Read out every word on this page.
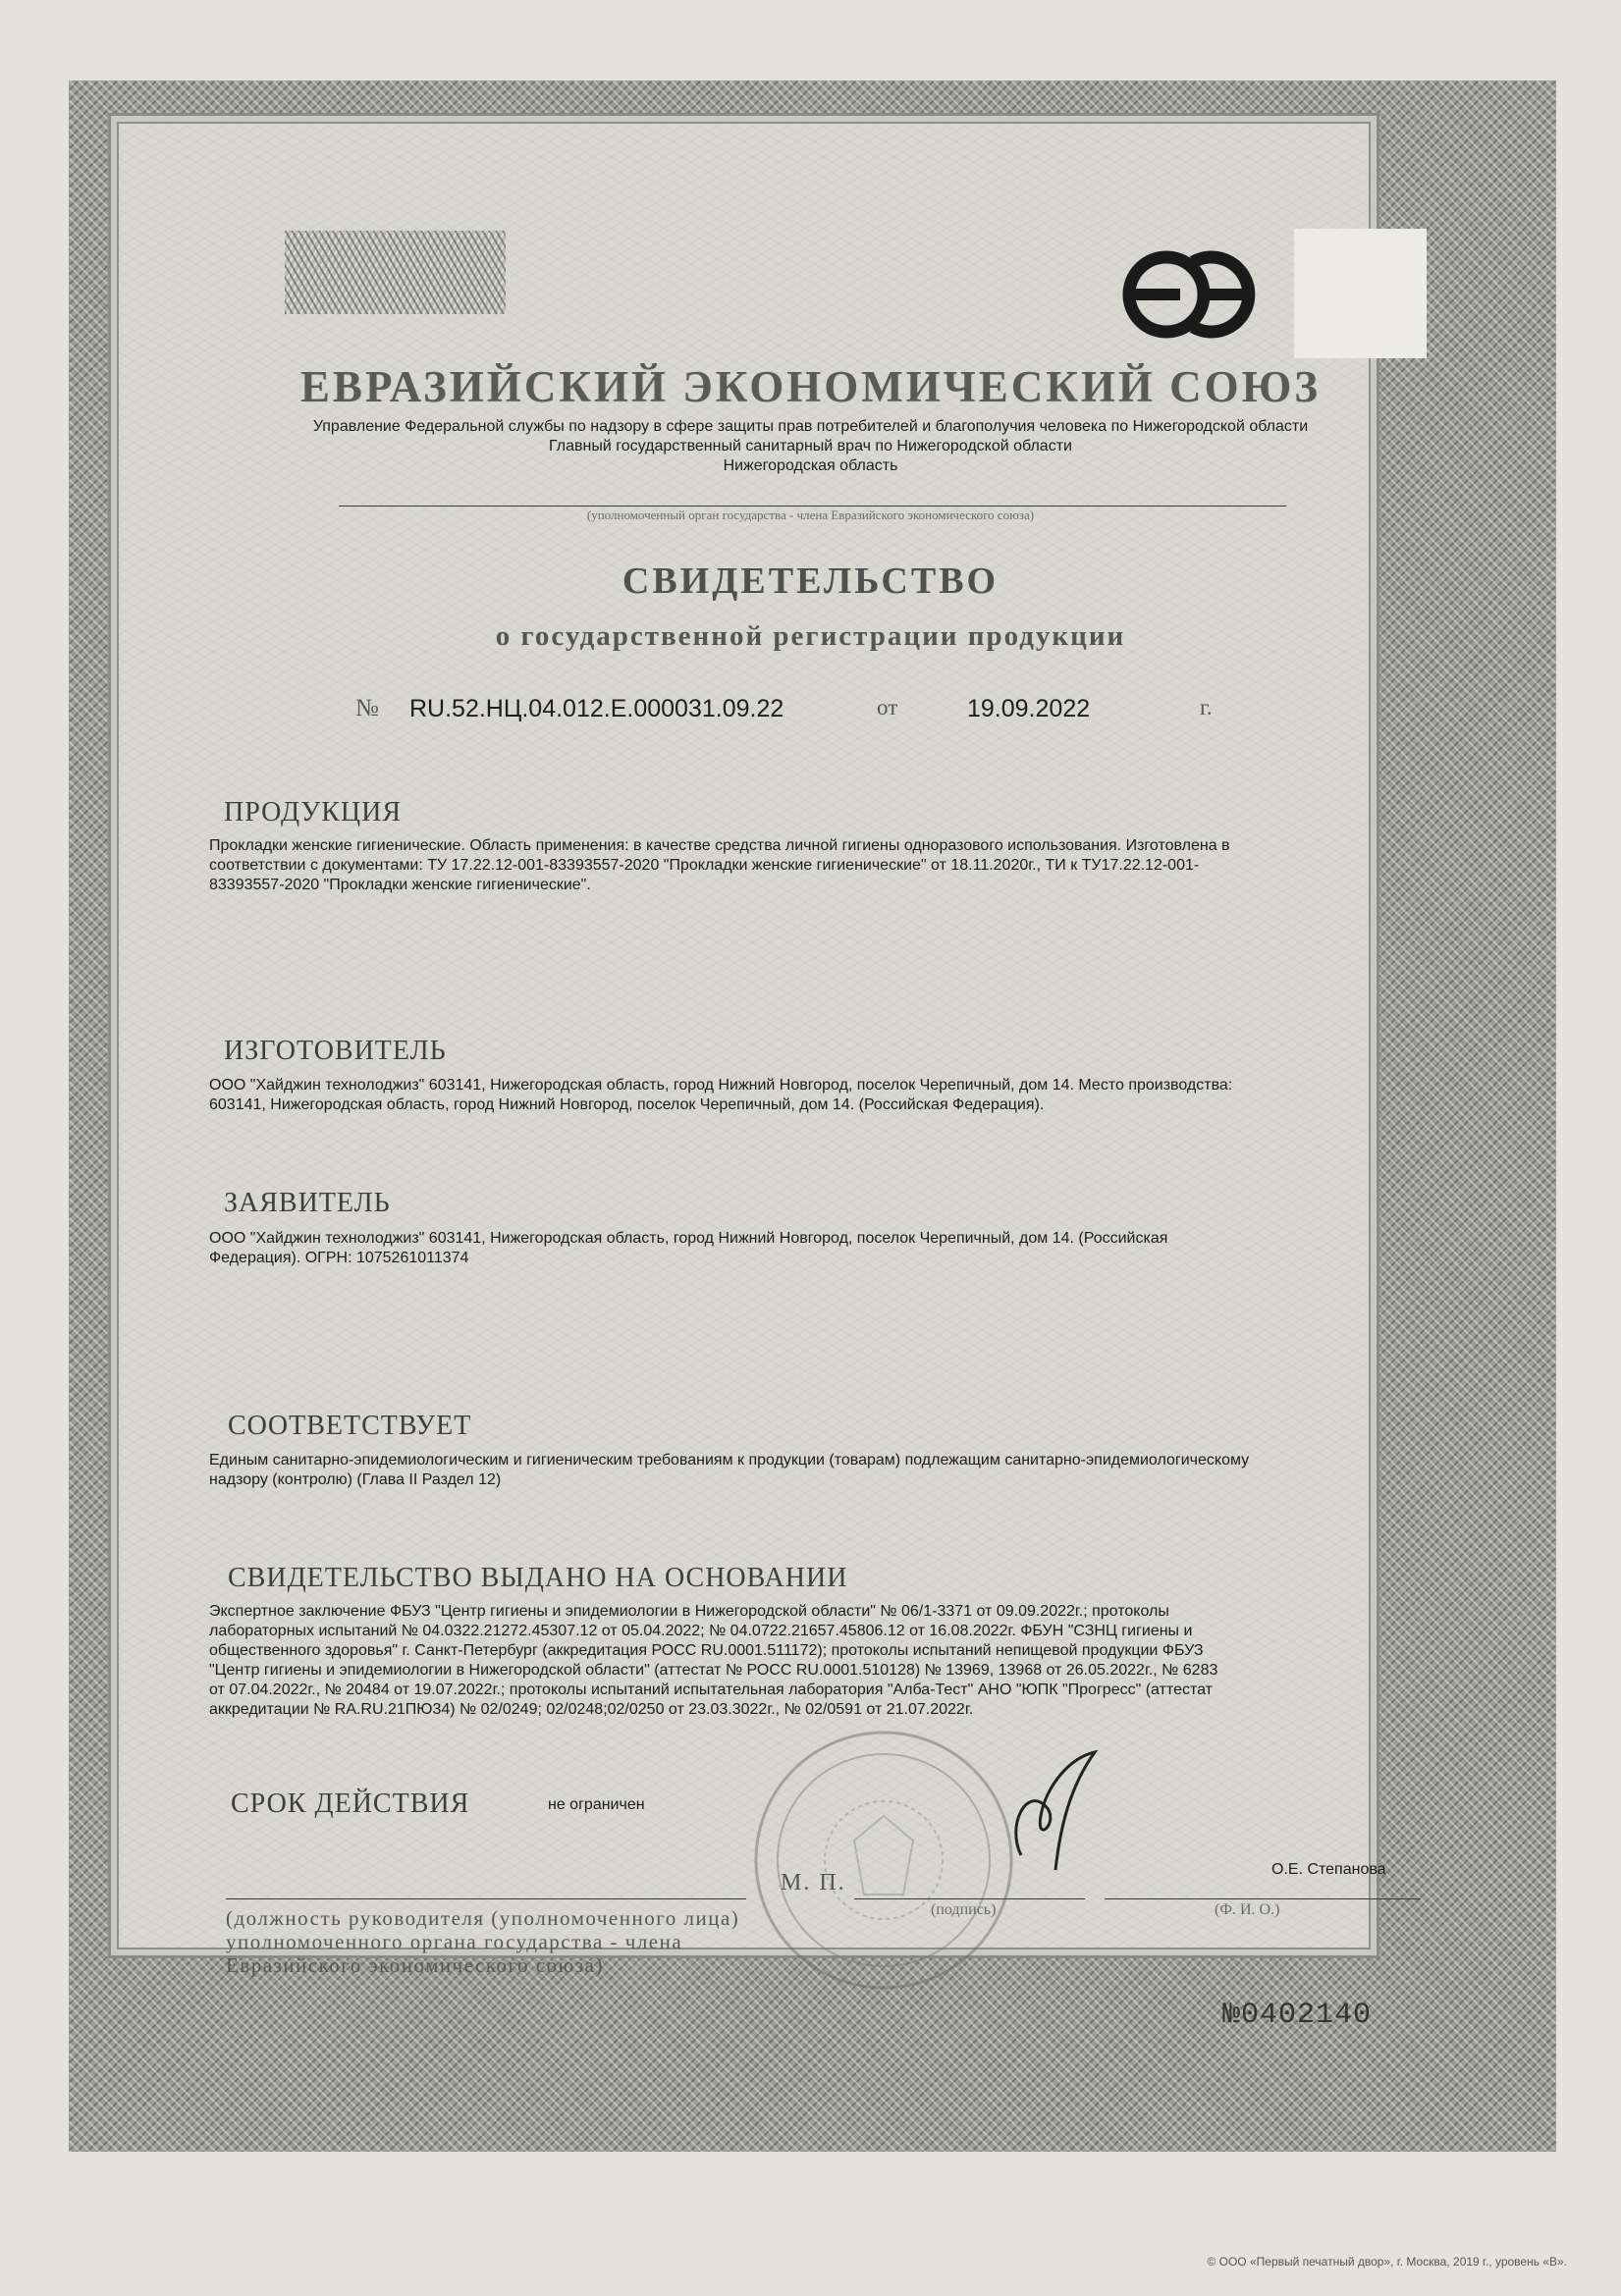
ЕВРАЗИЙСКИЙ ЭКОНОМИЧЕСКИЙ СОЮЗ
Управление Федеральной службы по надзору в сфере защиты прав потребителей и благополучия человека по Нижегородской области
Главный государственный санитарный врач по Нижегородской области
Нижегородская область
(уполномоченный орган государства - члена Евразийского экономического союза)
СВИДЕТЕЛЬСТВО
о государственной регистрации продукции
№ RU.52.НЦ.04.012.Е.000031.09.22	от	19.09.2022	г.
ПРОДУКЦИЯ
Прокладки женские гигиенические. Область применения: в качестве средства личной гигиены одноразового использования. Изготовлена в
соответствии с документами: ТУ 17.22.12-001-83393557-2020 "Прокладки женские гигиенические" от 18.11.2020г., ТИ к ТУ17.22.12-001-
83393557-2020 "Прокладки женские гигиенические".
ИЗГОТОВИТЕЛЬ
ООО "Хайджин технолоджиз" 603141, Нижегородская область, город Нижний Новгород, поселок Черепичный, дом 14. Место производства:
603141, Нижегородская область, город Нижний Новгород, поселок Черепичный, дом 14. (Российская Федерация).
ЗАЯВИТЕЛЬ
ООО "Хайджин технолоджиз" 603141, Нижегородская область, город Нижний Новгород, поселок Черепичный, дом 14. (Российская
Федерация). ОГРН: 1075261011374
СООТВЕТСТВУЕТ
Единым санитарно-эпидемиологическим и гигиеническим требованиям к продукции (товарам) подлежащим санитарно-эпидемиологическому
надзору (контролю) (Глава II Раздел 12)
СВИДЕТЕЛЬСТВО ВЫДАНО НА ОСНОВАНИИ
Экспертное заключение ФБУЗ "Центр гигиены и эпидемиологии в Нижегородской области" № 06/1-3371 от 09.09.2022г.; протоколы
лабораторных испытаний № 04.0322.21272.45307.12 от 05.04.2022; № 04.0722.21657.45806.12 от 16.08.2022г. ФБУН "СЗНЦ гигиены и
общественного здоровья" г. Санкт-Петербург (аккредитация РОСС RU.0001.511172); протоколы испытаний непищевой продукции ФБУЗ
"Центр гигиены и эпидемиологии в Нижегородской области" (аттестат № РОСС RU.0001.510128) № 13969, 13968 от 26.05.2022г., № 6283
от 07.04.2022г., № 20484 от 19.07.2022г.; протоколы испытаний испытательная лаборатория "Алба-Тест" АНО "ЮПК "Прогресс" (аттестат
аккредитации № RA.RU.21ПЮ34) № 02/0249; 02/0248;02/0250 от 23.03.3022г., № 02/0591 от 21.07.2022г.
СРОК ДЕЙСТВИЯ	не ограничен
М. П.
О.Е. Степанова
(должность руководителя (уполномоченного лица) уполномоченного органа государства - члена Евразийского экономического союза)
(подпись)	(Ф. И. О.)
№0402140
© ООО «Первый печатный двор», г. Москва, 2019 г., уровень «В».
